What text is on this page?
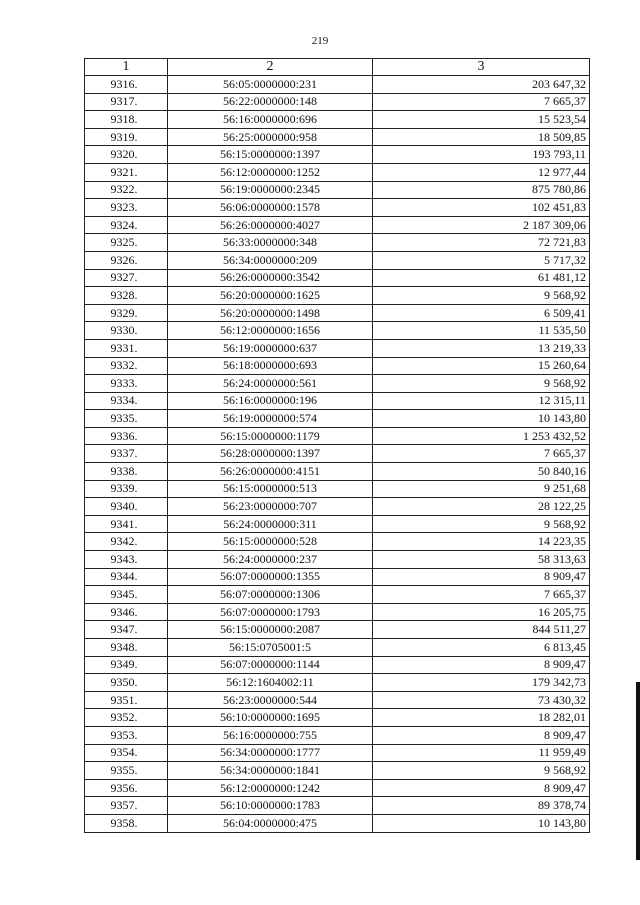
219
1	2	3
9316.	56:05:0000000:231	203 647,32
9317.	56:22:0000000:148	7 665,37
9318.	56:16:0000000:696	15 523,54
9319.	56:25:0000000:958	18 509,85
9320.	56:15:0000000:1397	193 793,11
9321.	56:12:0000000:1252	12 977,44
9322.	56:19:0000000:2345	875 780,86
9323.	56:06:0000000:1578	102 451,83
9324.	56:26:0000000:4027	2 187 309,06
9325.	56:33:0000000:348	72 721,83
9326.	56:34:0000000:209	5 717,32
9327.	56:26:0000000:3542	61 481,12
9328.	56:20:0000000:1625	9 568,92
9329.	56:20:0000000:1498	6 509,41
9330.	56:12:0000000:1656	11 535,50
9331.	56:19:0000000:637	13 219,33
9332.	56:18:0000000:693	15 260,64
9333.	56:24:0000000:561	9 568,92
9334.	56:16:0000000:196	12 315,11
9335.	56:19:0000000:574	10 143,80
9336.	56:15:0000000:1179	1 253 432,52
9337.	56:28:0000000:1397	7 665,37
9338.	56:26:0000000:4151	50 840,16
9339.	56:15:0000000:513	9 251,68
9340.	56:23:0000000:707	28 122,25
9341.	56:24:0000000:311	9 568,92
9342.	56:15:0000000:528	14 223,35
9343.	56:24:0000000:237	58 313,63
9344.	56:07:0000000:1355	8 909,47
9345.	56:07:0000000:1306	7 665,37
9346.	56:07:0000000:1793	16 205,75
9347.	56:15:0000000:2087	844 511,27
9348.	56:15:0705001:5	6 813,45
9349.	56:07:0000000:1144	8 909,47
9350.	56:12:1604002:11	179 342,73
9351.	56:23:0000000:544	73 430,32
9352.	56:10:0000000:1695	18 282,01
9353.	56:16:0000000:755	8 909,47
9354.	56:34:0000000:1777	11 959,49
9355.	56:34:0000000:1841	9 568,92
9356.	56:12:0000000:1242	8 909,47
9357.	56:10:0000000:1783	89 378,74
9358.	56:04:0000000:475	10 143,80
